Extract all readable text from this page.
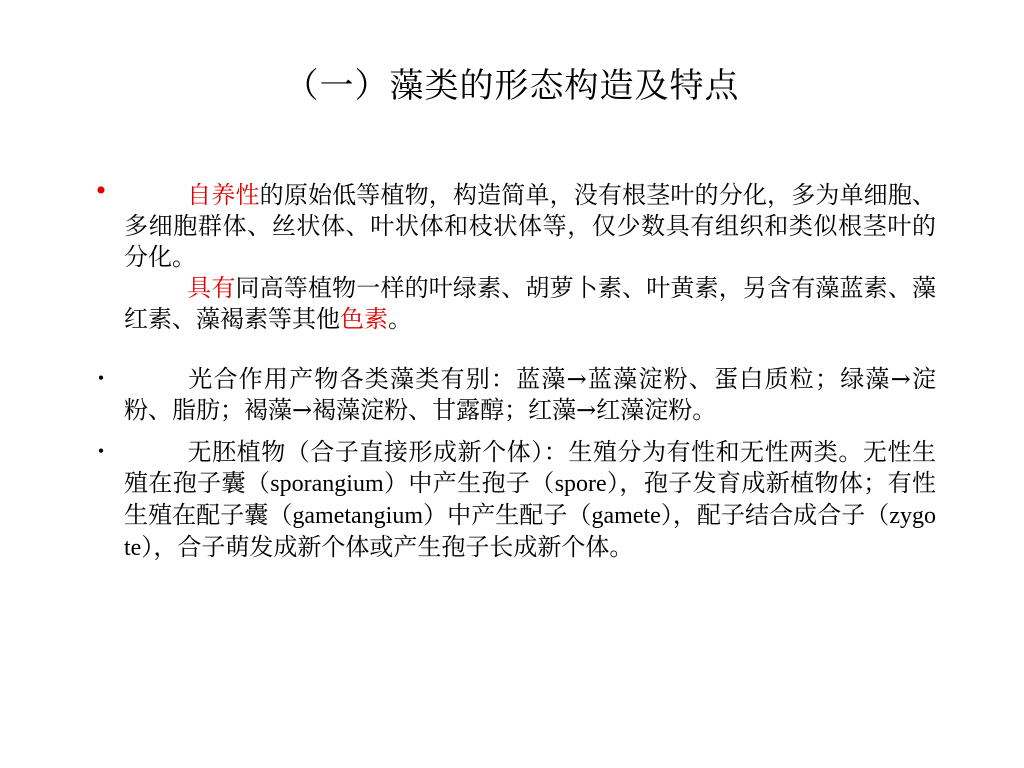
（一）藻类的形态构造及特点
•	自养性的原始低等植物，构造简单，没有根茎叶的分化，多为单细胞、多细胞群体、丝状体、叶状体和枝状体等，仅少数具有组织和类似根茎叶的分化。
具有同高等植物一样的叶绿素、胡萝卜素、叶黄素，另含有藻蓝素、藻红素、藻褐素等其他色素。
•	光合作用产物各类藻类有别：蓝藻→蓝藻淀粉、蛋白质粒；绿藻→淀粉、脂肪；褐藻→褐藻淀粉、甘露醇；红藻→红藻淀粉。
•	无胚植物（合子直接形成新个体）：生殖分为有性和无性两类。无性生殖在孢子囊（sporangium）中产生孢子（spore），孢子发育成新植物体；有性生殖在配子囊（gametangium）中产生配子（gamete），配子结合成合子（zygote），合子萌发成新个体或产生孢子长成新个体。
